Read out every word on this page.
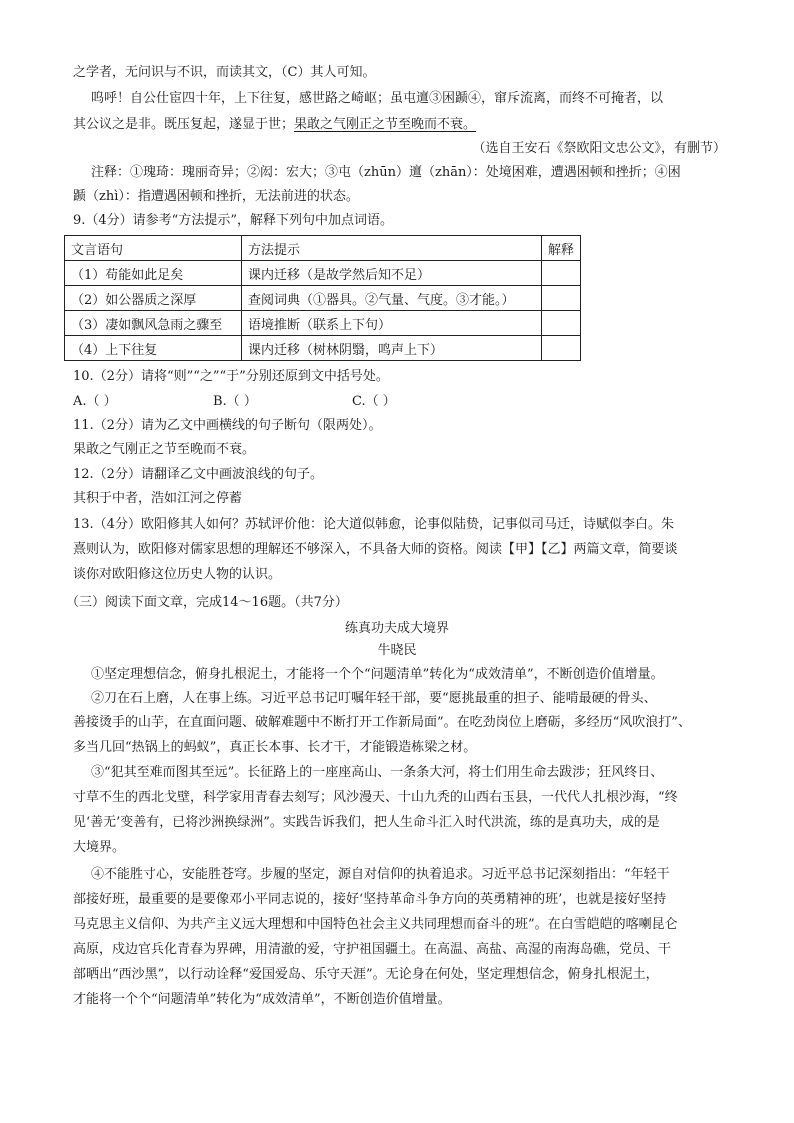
之学者，无问识与不识，而读其文，（C）其人可知。
呜呼！自公仕宦四十年，上下往复，感世路之崎岖；虽屯邅③困踬④，窜斥流离，而终不可掩者，以
其公议之是非。既压复起，遂显于世；果敢之气刚正之节至晚而不衰。
（选自王安石《祭欧阳文忠公文》，有删节）
注释：①瑰琦：瑰丽奇异；②闳：宏大；③屯（zhūn）邅（zhān）：处境困难，遭遇困顿和挫折；④困
踬（zhì）：指遭遇困顿和挫折，无法前进的状态。
9.（4分）请参考“方法提示”，解释下列句中加点词语。
文言语句	方法提示	解释
（1）苟能如此足矣	课内迁移（是故学然后知不足）	
（2）如公器质之深厚	查阅词典（①器具。②气量、气度。③才能。）	
（3）凄如飘风急雨之骤至	语境推断（联系上下句）	
（4）上下往复	课内迁移（树林阴翳，鸣声上下）	
10.（2分）请将“则”“之”“于”分别还原到文中括号处。
A.（ ）	B.（ ）	C.（ ）
11.（2分）请为乙文中画横线的句子断句（限两处）。
果敢之气刚正之节至晚而不衰。
12.（2分）请翻译乙文中画波浪线的句子。
其积于中者，浩如江河之停蓄
13.（4分）欧阳修其人如何？苏轼评价他：论大道似韩愈，论事似陆贽，记事似司马迁，诗赋似李白。朱
熹则认为，欧阳修对儒家思想的理解还不够深入，不具备大师的资格。阅读【甲】【乙】两篇文章，简要谈
谈你对欧阳修这位历史人物的认识。
（三）阅读下面文章，完成14～16题。（共7分）
练真功夫成大境界
牛晓民
①坚定理想信念，俯身扎根泥土，才能将一个个“问题清单”转化为“成效清单”，不断创造价值增量。
②刀在石上磨，人在事上练。习近平总书记叮嘱年轻干部，要“愿挑最重的担子、能啃最硬的骨头、
善接烫手的山芋，在直面问题、破解难题中不断打开工作新局面”。在吃劲岗位上磨砺，多经历“风吹浪打”、
多当几回“热锅上的蚂蚁”，真正长本事、长才干，才能锻造栋梁之材。
③“犯其至难而图其至远”。长征路上的一座座高山、一条条大河，将士们用生命去跋涉；狂风终日、
寸草不生的西北戈壁，科学家用青春去刻写；风沙漫天、十山九秃的山西右玉县，一代代人扎根沙海，“终
见‘善无’变善有，已将沙洲换绿洲”。实践告诉我们，把人生命斗汇入时代洪流，练的是真功夫，成的是
大境界。
④不能胜寸心，安能胜苍穹。步履的坚定，源自对信仰的执着追求。习近平总书记深刻指出：“年轻干
部接好班，最重要的是要像邓小平同志说的，接好‘坚持革命斗争方向的英勇精神的班’，也就是接好坚持
马克思主义信仰、为共产主义远大理想和中国特色社会主义共同理想而奋斗的班”。在白雪皑皑的喀喇昆仑
高原，戍边官兵化青春为界碑，用清澈的爱，守护祖国疆土。在高温、高盐、高湿的南海岛礁，党员、干
部晒出“西沙黑”，以行动诠释“爱国爱岛、乐守天涯”。无论身在何处，坚定理想信念，俯身扎根泥土，
才能将一个个“问题清单”转化为“成效清单”，不断创造价值增量。
